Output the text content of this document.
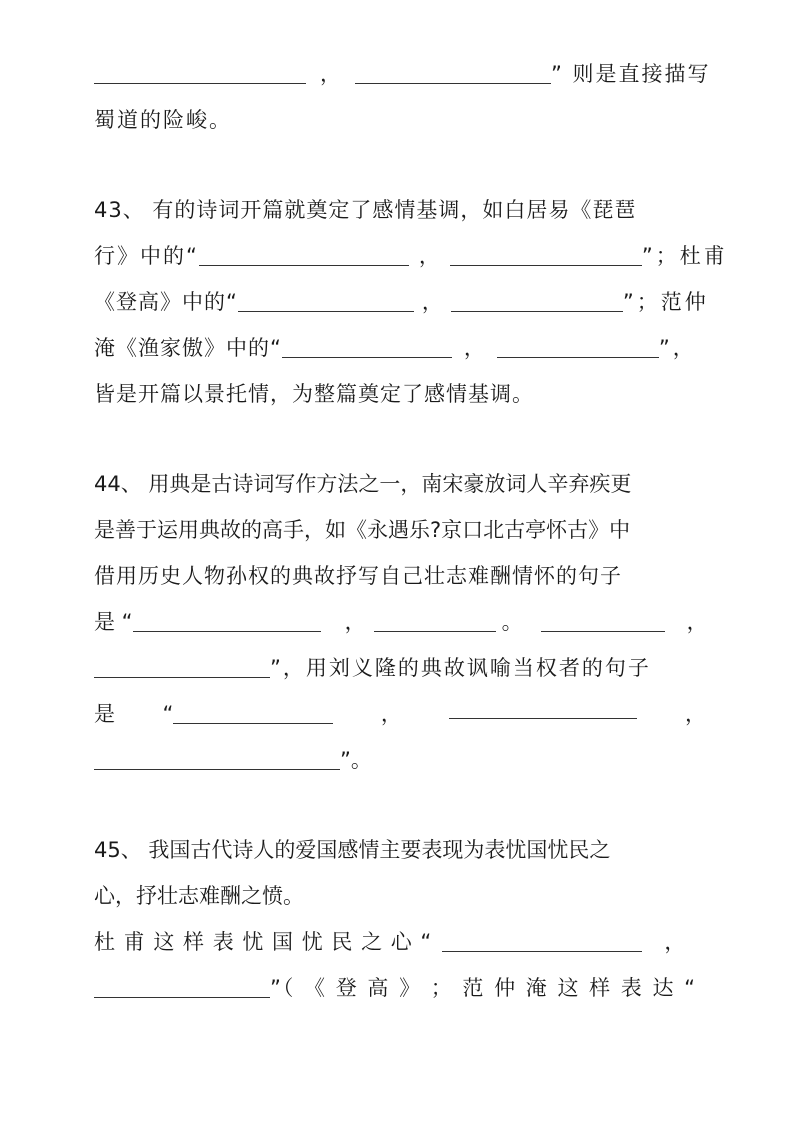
，	” 则是直接描写
蜀道的险峻。
43、 有的诗词开篇就奠定了感情基调，如白居易《琵琶
行》中的“	，	”；杜甫
《登高》中的“	，	”；范仲
淹《渔家傲》中的“	，	”，
皆是开篇以景托情，为整篇奠定了感情基调。
44、 用典是古诗词写作方法之一，南宋豪放词人辛弃疾更
是善于运用典故的高手，如《永遇乐?京口北古亭怀古》中
借用历史人物孙权的典故抒写自己壮志难酬情怀的句子
是 “	，	。	，
”，用刘义隆的典故讽喻当权者的句子
是 “	，	，
”。
45、 我国古代诗人的爱国感情主要表现为表忧国忧民之
心，抒壮志难酬之愤。
杜 甫 这 样 表 忧 国 忧 民 之 心 “	，
”（ 《 登 高 》 ； 范 仲 淹 这 样 表 达 “
